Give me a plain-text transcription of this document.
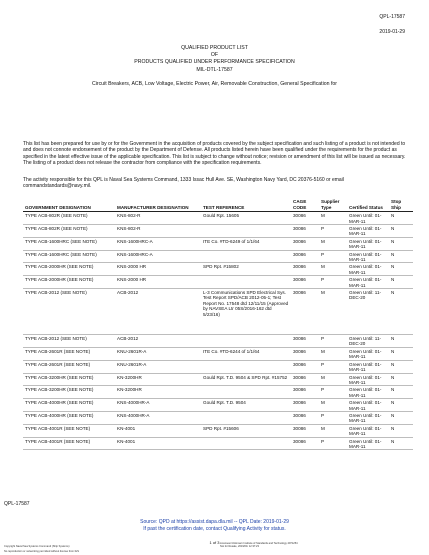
QPL-17587
2019-01-29
QUALIFIED PRODUCT LIST
OF
PRODUCTS QUALIFIED UNDER PERFORMANCE SPECIFICATION
MIL-DTL-17587
Circuit Breakers, ACB, Low Voltage, Electric Power, Air, Removable Construction, General Specification for
This list has been prepared for use by or for the Government in the acquisition of products covered by the subject specification and such listing of a product is not intended to and does not connote endorsement of the product by the Department of Defense. All products listed herein have been qualified under the requirements for the product as specified in the latest effective issue of the applicable specification. This list is subject to change without notice; revision or amendment of this list will be issued as necessary. The listing of a product does not release the contractor from compliance with the specification requirements.
The activity responsible for this QPL is Naval Sea Systems Command, 1333 Issac Hull Ave. SE, Washington Navy Yard, DC 20376-5160 or email commandstandards@navy.mil.
GOVERNMENT DESIGNATION	MANUFACTURER DESIGNATION	TEST REFERENCE	CAGE CODE	Supplier Type	Certified Status	Stop Ship
TYPE ACB-802R (SEE NOTE)	KNS-802-R	Gould Rpt. 15605	30086	M	Green Until: 01-MAR-11	N
TYPE ACB-802R (SEE NOTE)	KNS-802-R		30086	P	Green Until: 01-MAR-11	N
TYPE ACB-1600HRC (SEE NOTE)	KNS-1600HRC-A	ITE Co. #TD-6249 of 1/1/64	30086	M	Green Until: 01-MAR-11	N
TYPE ACB-1600HRC (SEE NOTE)	KNS-1600HRC-A		30086	P	Green Until: 01-MAR-11	N
TYPE ACB-2000HR (SEE NOTE)	KNS-2000 HR	SPD Rpt. #15802	30086	M	Green Until: 01-MAR-11	N
TYPE ACB-2000HR (SEE NOTE)	KNS-2000 HR		30086	P	Green Until: 01-MAR-11	N
TYPE ACB-2012 (SEE NOTE)	ACB-2012	L-3 Communications SPD Electrical Sys. Test Report SPD/ACB 2012-05-1; Test Report No. 17548 dtd 12/11/15 (Approved by NAVSEA Ltr 05S/2016-162 dtd 5/23/16)	30086	M	Green Until: 11-DEC-20	N
TYPE ACB-2012 (SEE NOTE)	ACB-2012		30086	P	Green Until: 11-DEC-20	N
TYPE ACB-2601R (SEE NOTE)	KNU-2601R-A	ITE Co. #TD-6244 of 1/1/64	30086	M	Green Until: 01-MAR-11	N
TYPE ACB-2601R (SEE NOTE)	KNU-2601R-A		30086	P	Green Until: 01-MAR-11	N
TYPE ACB-3200HR (SEE NOTE)	KN-3200HR	Gould Rpt. T.D. 9504 & SPD Rpt. #15752	30086	M	Green Until: 01-MAR-11	N
TYPE ACB-3200HR (SEE NOTE)	KN-3200HR		30086	P	Green Until: 01-MAR-11	N
TYPE ACB-4000HR (SEE NOTE)	KNS-4000HR-A	Gould Rpt. T.D. 9504	30086	M	Green Until: 01-MAR-11	N
TYPE ACB-4000HR (SEE NOTE)	KNS-4000HR-A		30086	P	Green Until: 01-MAR-11	N
TYPE ACB-4001R (SEE NOTE)	KN-4001	SPD Rpt. #15606	30086	M	Green Until: 01-MAR-11	N
TYPE ACB-4001R (SEE NOTE)	KN-4001		30086	P	Green Until: 01-MAR-11	N
QPL-17587
Source: QPD at https://assist.dapa.dla.mil -- QPL Date: 2019-01-29
If past the certification date, contact Qualifying Activity for status.
1 of 3
Copyright Naval Sea Systems Command (Ship Systems)
No reproduction or networking permitted without license from IHS
Licensee=Unknown Institute of Standards and Technology 4971254
Not for Resale, 2019/01/ 12:37:23
